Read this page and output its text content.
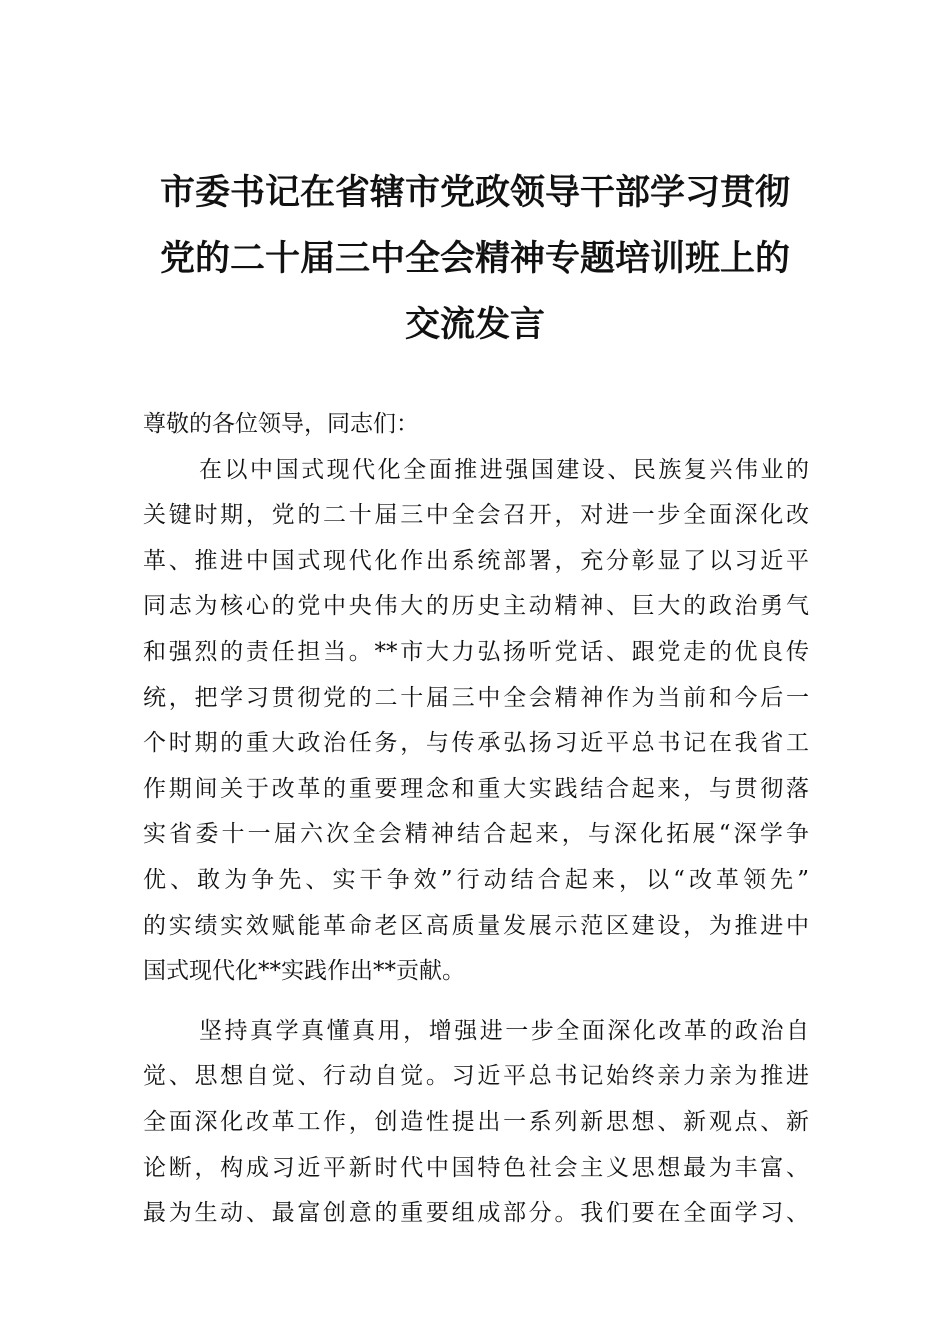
市委书记在省辖市党政领导干部学习贯彻
党的二十届三中全会精神专题培训班上的
交流发言
尊敬的各位领导，同志们：
在以中国式现代化全面推进强国建设、民族复兴伟业的
关键时期，党的二十届三中全会召开，对进一步全面深化改
革、推进中国式现代化作出系统部署，充分彰显了以习近平
同志为核心的党中央伟大的历史主动精神、巨大的政治勇气
和强烈的责任担当。**市大力弘扬听党话、跟党走的优良传
统，把学习贯彻党的二十届三中全会精神作为当前和今后一
个时期的重大政治任务，与传承弘扬习近平总书记在我省工
作期间关于改革的重要理念和重大实践结合起来，与贯彻落
实省委十一届六次全会精神结合起来，与深化拓展“深学争
优、敢为争先、实干争效”行动结合起来，以“改革领先”
的实绩实效赋能革命老区高质量发展示范区建设，为推进中
国式现代化**实践作出**贡献。
坚持真学真懂真用，增强进一步全面深化改革的政治自
觉、思想自觉、行动自觉。习近平总书记始终亲力亲为推进
全面深化改革工作，创造性提出一系列新思想、新观点、新
论断，构成习近平新时代中国特色社会主义思想最为丰富、
最为生动、最富创意的重要组成部分。我们要在全面学习、
